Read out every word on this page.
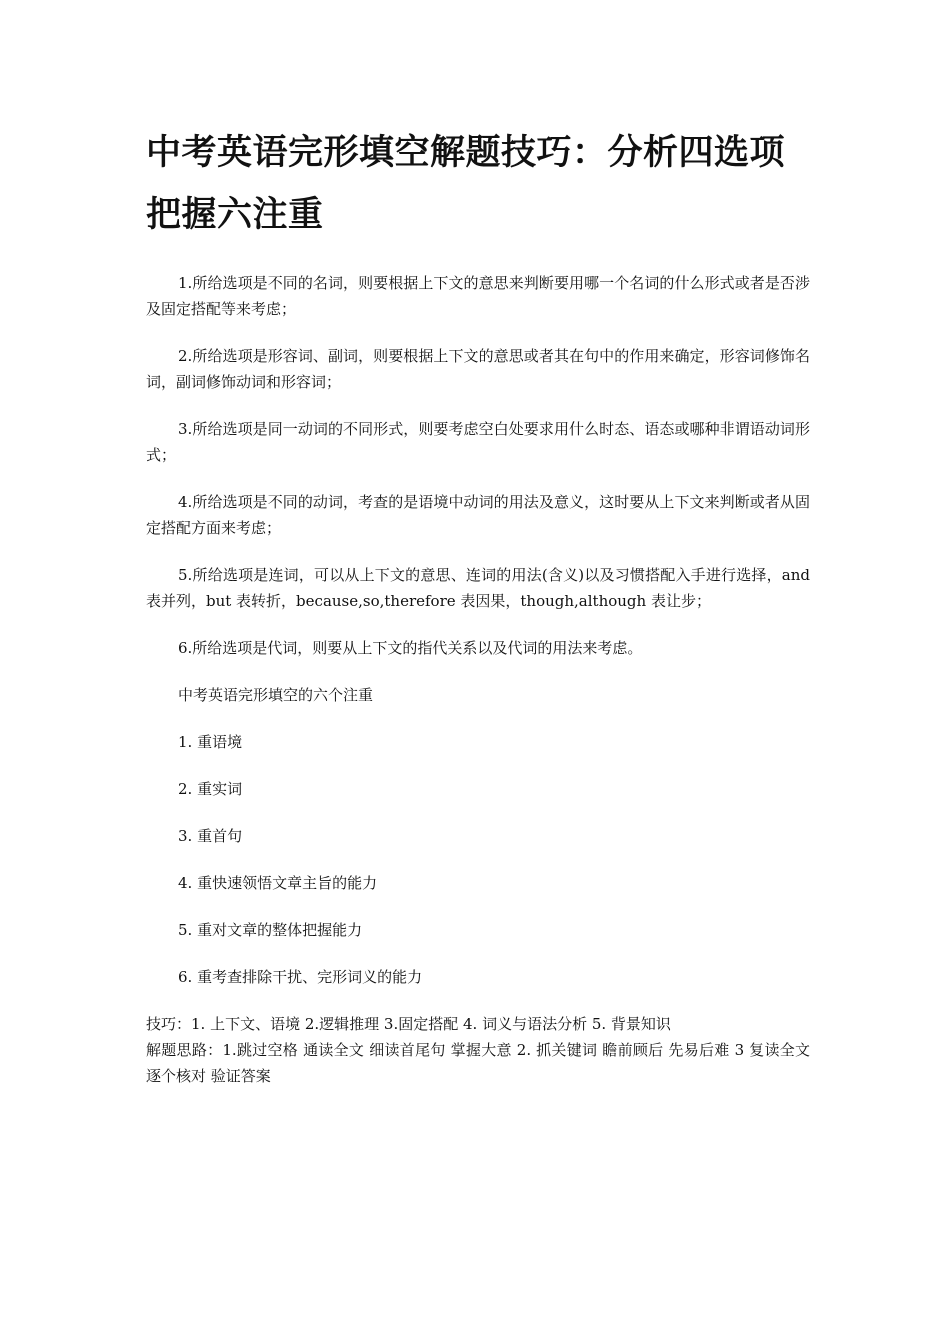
中考英语完形填空解题技巧：分析四选项 把握六注重

1.所给选项是不同的名词，则要根据上下文的意思来判断要用哪一个名词的什么形式或者是否涉及固定搭配等来考虑；

2.所给选项是形容词、副词，则要根据上下文的意思或者其在句中的作用来确定，形容词修饰名词，副词修饰动词和形容词；

3.所给选项是同一动词的不同形式，则要考虑空白处要求用什么时态、语态或哪种非谓语动词形式；

4.所给选项是不同的动词，考查的是语境中动词的用法及意义，这时要从上下文来判断或者从固定搭配方面来考虑；

5.所给选项是连词，可以从上下文的意思、连词的用法(含义)以及习惯搭配入手进行选择，and 表并列，but 表转折，because,so,therefore 表因果，though,although 表让步；

6.所给选项是代词，则要从上下文的指代关系以及代词的用法来考虑。

中考英语完形填空的六个注重

1. 重语境

2. 重实词

3. 重首句

4. 重快速领悟文章主旨的能力

5. 重对文章的整体把握能力

6. 重考查排除干扰、完形词义的能力

技巧：1. 上下文、语境 2.逻辑推理 3.固定搭配 4. 词义与语法分析 5. 背景知识

解题思路：1.跳过空格 通读全文 细读首尾句 掌握大意 2. 抓关键词 瞻前顾后 先易后难 3 复读全文 逐个核对 验证答案
